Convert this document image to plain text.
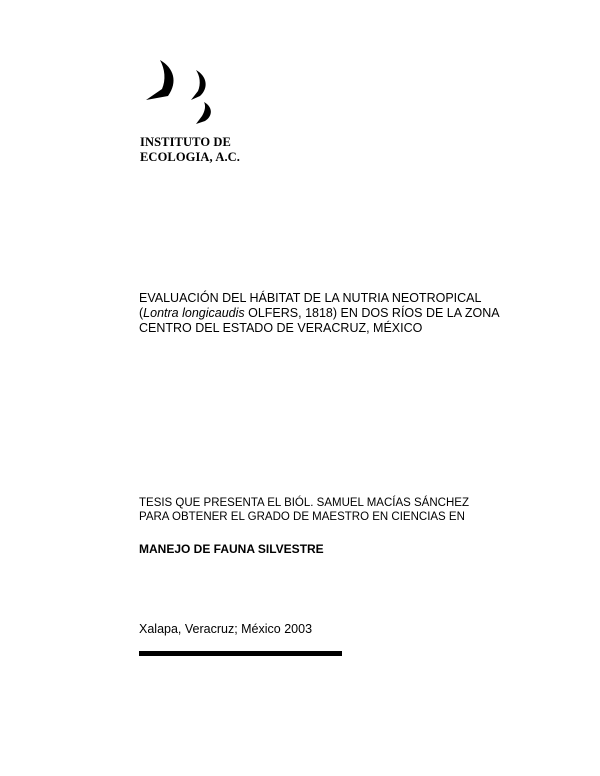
INSTITUTO DE
ECOLOGIA, A.C.
EVALUACIÓN DEL HÁBITAT DE LA NUTRIA NEOTROPICAL
(Lontra longicaudis OLFERS, 1818) EN DOS RÍOS DE LA ZONA
CENTRO DEL ESTADO DE VERACRUZ, MÉXICO
TESIS QUE PRESENTA EL BIÓL. SAMUEL MACÍAS SÁNCHEZ
PARA OBTENER EL GRADO DE MAESTRO EN CIENCIAS EN
MANEJO DE FAUNA SILVESTRE
Xalapa, Veracruz; México 2003
